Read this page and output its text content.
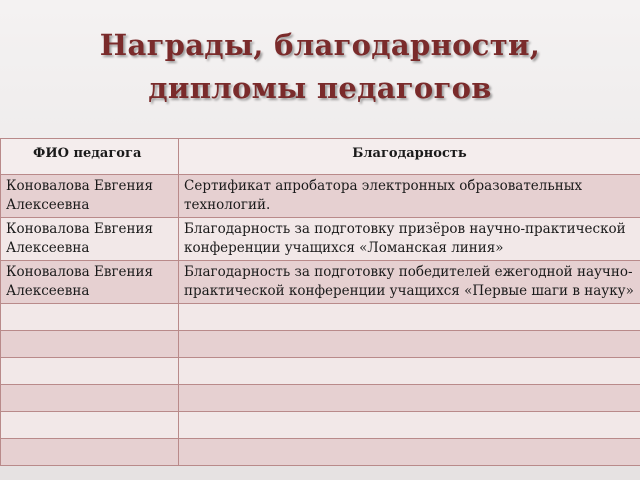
Награды, благодарности,
дипломы педагогов
ФИО педагога	Благодарность
Коновалова Евгения Алексеевна	Сертификат апробатора электронных образовательных технологий.
Коновалова Евгения Алексеевна	Благодарность за подготовку призёров научно-практической конференции учащихся «Ломанская линия»
Коновалова Евгения Алексеевна	Благодарность за подготовку победителей ежегодной научно-практической конференции учащихся «Первые шаги в науку»
